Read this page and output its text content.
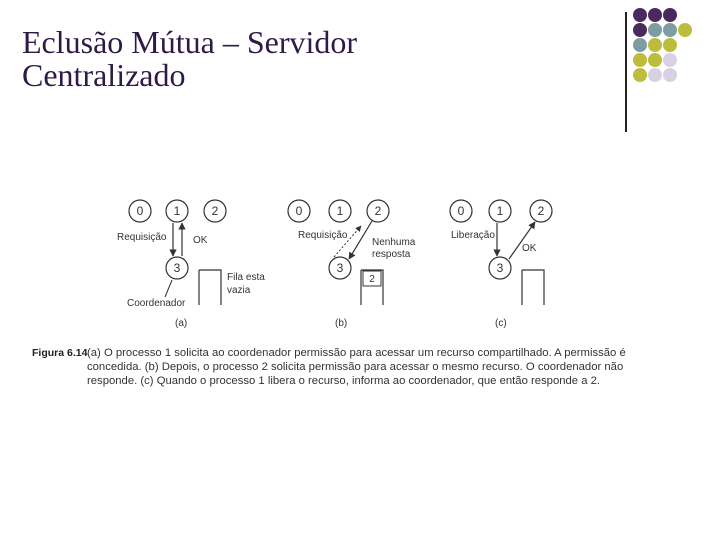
Eclusão Mútua – Servidor
Centralizado
0	1	2
3
Requisição	OK
Fila esta
vazia
Coordenador
(a)
0	1	2
3
Requisição
Nenhuma
resposta
2
(b)
0	1	2
3
Liberação
OK
(c)
Figura 6.14 (a) O processo 1 solicita ao coordenador permissão para acessar um recurso compartilhado. A permissão é concedida. (b) Depois, o processo 2 solicita permissão para acessar o mesmo recurso. O coordenador não responde. (c) Quando o processo 1 libera o recurso, informa ao coordenador, que então responde a 2.
